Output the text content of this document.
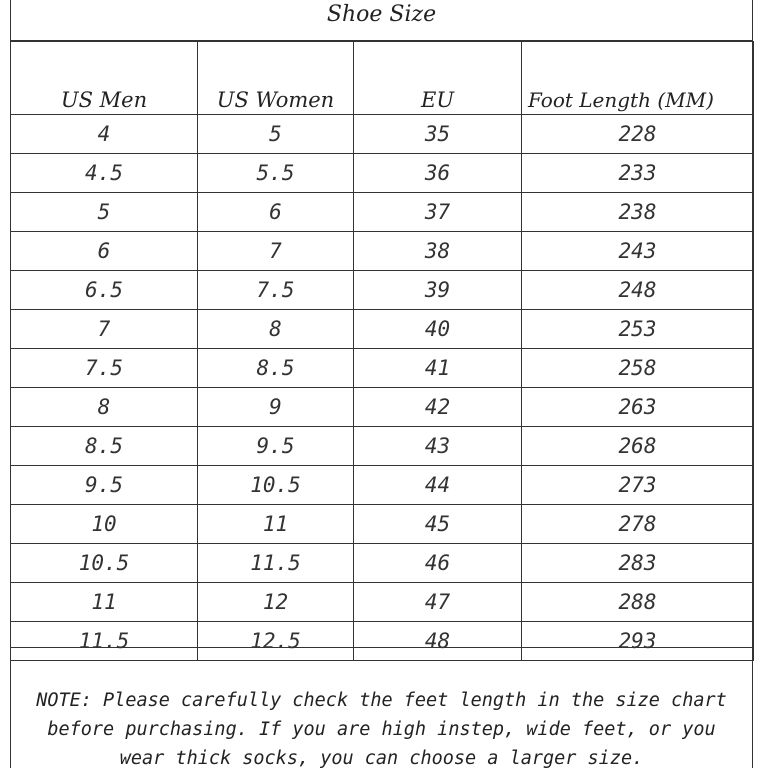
Shoe Size
US Men	US Women	EU	Foot Length (MM)
4	5	35	228
4.5	5.5	36	233
5	6	37	238
6	7	38	243
6.5	7.5	39	248
7	8	40	253
7.5	8.5	41	258
8	9	42	263
8.5	9.5	43	268
9.5	10.5	44	273
10	11	45	278
10.5	11.5	46	283
11	12	47	288
11.5	12.5	48	293
NOTE: Please carefully check the feet length in the size chart
before purchasing. If you are high instep, wide feet, or you
wear thick socks, you can choose a larger size.
